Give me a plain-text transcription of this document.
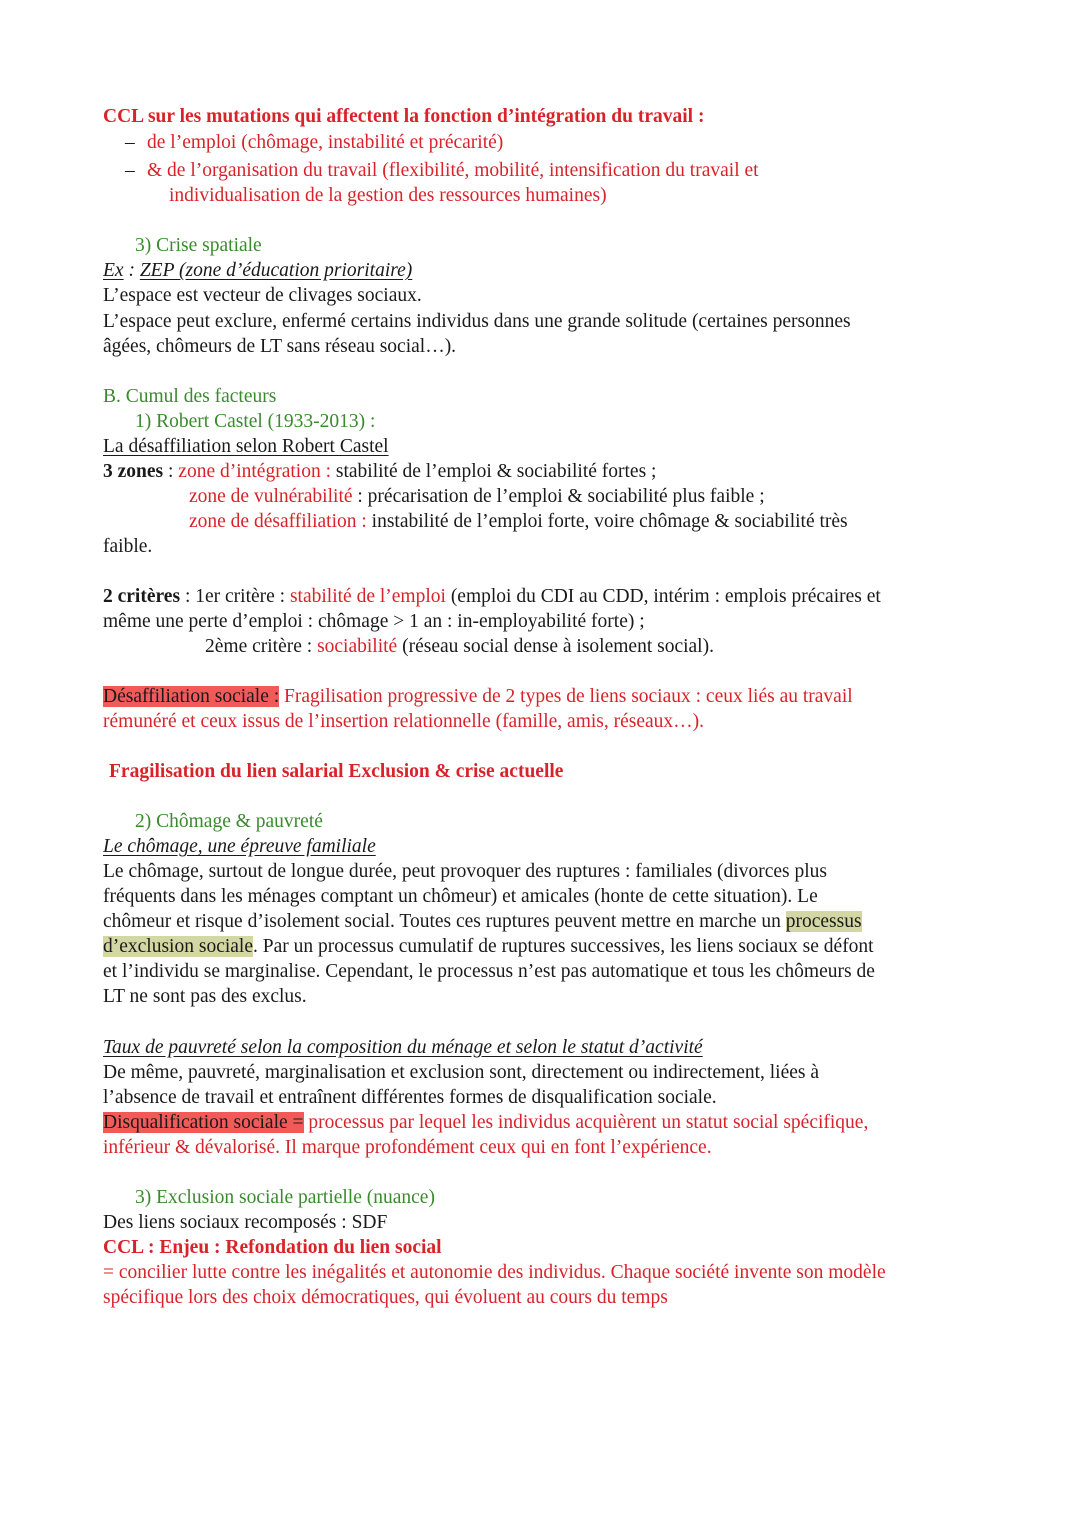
CCL sur les mutations qui affectent la fonction d’intégration du travail :
– de l’emploi (chômage, instabilité et précarité)
– & de l’organisation du travail (flexibilité, mobilité, intensification du travail et
individualisation de la gestion des ressources humaines)
3) Crise spatiale
Ex : ZEP (zone d’éducation prioritaire)
L’espace est vecteur de clivages sociaux.
L’espace peut exclure, enfermé certains individus dans une grande solitude (certaines personnes
âgées, chômeurs de LT sans réseau social…).
B. Cumul des facteurs
1) Robert Castel (1933-2013) :
La désaffiliation selon Robert Castel
3 zones : zone d’intégration : stabilité de l’emploi & sociabilité fortes ;
zone de vulnérabilité : précarisation de l’emploi & sociabilité plus faible ;
zone de désaffiliation : instabilité de l’emploi forte, voire chômage & sociabilité très
faible.
2 critères : 1er critère : stabilité de l’emploi (emploi du CDI au CDD, intérim : emplois précaires et
même une perte d’emploi : chômage > 1 an : in-employabilité forte) ;
2ème critère : sociabilité (réseau social dense à isolement social).
Désaffiliation sociale : Fragilisation progressive de 2 types de liens sociaux : ceux liés au travail
rémunéré et ceux issus de l’insertion relationnelle (famille, amis, réseaux…).
Fragilisation du lien salarial Exclusion & crise actuelle
2) Chômage & pauvreté
Le chômage, une épreuve familiale
Le chômage, surtout de longue durée, peut provoquer des ruptures : familiales (divorces plus
fréquents dans les ménages comptant un chômeur) et amicales (honte de cette situation). Le
chômeur et risque d’isolement social. Toutes ces ruptures peuvent mettre en marche un processus
d’exclusion sociale. Par un processus cumulatif de ruptures successives, les liens sociaux se défont
et l’individu se marginalise. Cependant, le processus n’est pas automatique et tous les chômeurs de
LT ne sont pas des exclus.
Taux de pauvreté selon la composition du ménage et selon le statut d’activité
De même, pauvreté, marginalisation et exclusion sont, directement ou indirectement, liées à
l’absence de travail et entraînent différentes formes de disqualification sociale.
Disqualification sociale = processus par lequel les individus acquièrent un statut social spécifique,
inférieur & dévalorisé. Il marque profondément ceux qui en font l’expérience.
3) Exclusion sociale partielle (nuance)
Des liens sociaux recomposés : SDF
CCL : Enjeu : Refondation du lien social
= concilier lutte contre les inégalités et autonomie des individus. Chaque société invente son modèle
spécifique lors des choix démocratiques, qui évoluent au cours du temps
